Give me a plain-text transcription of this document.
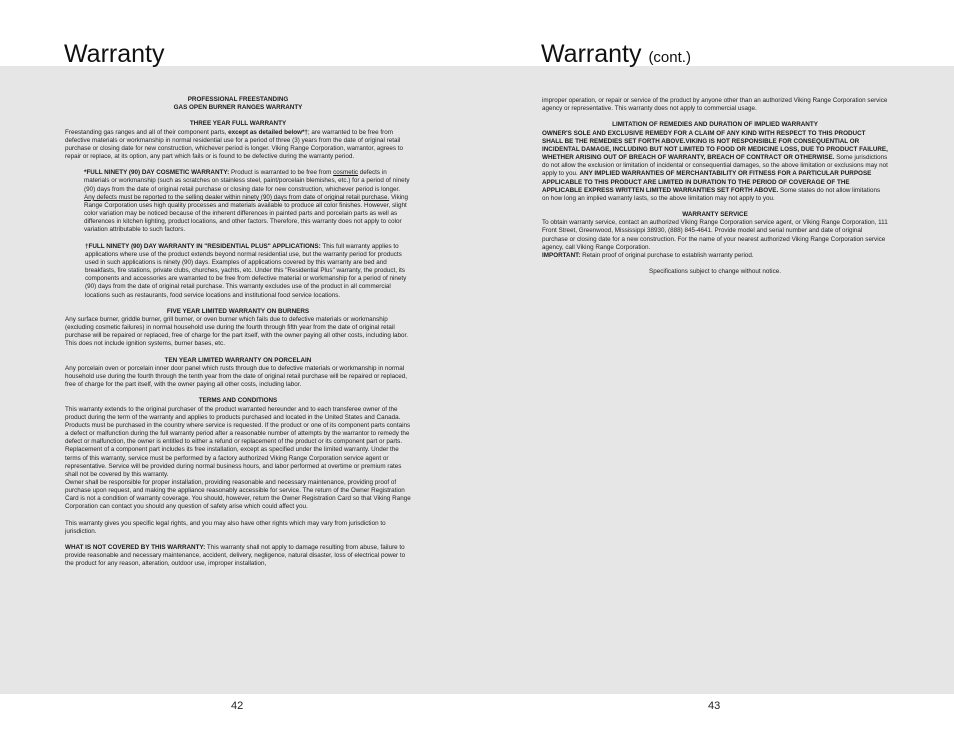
Warranty	Warranty (cont.)

PROFESSIONAL FREESTANDING

GAS OPEN BURNER RANGES WARRANTY

THREE YEAR FULL WARRANTY

Freestanding gas ranges and all of their component parts, except as detailed below*†; are warranted to be free from defective materials or workmanship in normal residential use for a period of three (3) years from the date of original retail purchase or closing date for new construction, whichever period is longer. Viking Range Corporation, warrantor, agrees to repair or replace, at its option, any part which fails or is found to be defective during the warranty period.

*FULL NINETY (90) DAY COSMETIC WARRANTY: Product is warranted to be free from cosmetic defects in materials or workmanship (such as scratches on stainless steel, paint/porcelain blemishes, etc.) for a period of ninety (90) days from the date of original retail purchase or closing date for new construction, whichever period is longer. Any defects must be reported to the selling dealer within ninety (90) days from date of original retail purchase. Viking Range Corporation uses high quality processes and materials available to produce all color finishes. However, slight color variation may be noticed because of the inherent differences in painted parts and porcelain parts as well as differences in kitchen lighting, product locations, and other factors. Therefore, this warranty does not apply to color variation attributable to such factors.

†FULL NINETY (90) DAY WARRANTY IN "RESIDENTIAL PLUS" APPLICATIONS: This full warranty applies to applications where use of the product extends beyond normal residential use, but the warranty period for products used in such applications is ninety (90) days. Examples of applications covered by this warranty are bed and breakfasts, fire stations, private clubs, churches, yachts, etc. Under this "Residential Plus" warranty, the product, its components and accessories are warranted to be free from defective material or workmanship for a period of ninety (90) days from the date of original retail purchase. This warranty excludes use of the product in all commercial locations such as restaurants, food service locations and institutional food service locations.

FIVE YEAR LIMITED WARRANTY ON BURNERS

Any surface burner, griddle burner, grill burner, or oven burner which fails due to defective materials or workmanship (excluding cosmetic failures) in normal household use during the fourth through fifth year from the date of original retail purchase will be repaired or replaced, free of charge for the part itself, with the owner paying all other costs, including labor. This does not include ignition systems, burner bases, etc.

TEN YEAR LIMITED WARRANTY ON PORCELAIN

Any porcelain oven or porcelain inner door panel which rusts through due to defective materials or workmanship in normal household use during the fourth through the tenth year from the date of original retail purchase will be repaired or replaced, free of charge for the part itself, with the owner paying all other costs, including labor.

TERMS AND CONDITIONS

This warranty extends to the original purchaser of the product warranted hereunder and to each transferee owner of the product during the term of the warranty and applies to products purchased and located in the United States and Canada. Products must be purchased in the country where service is requested. If the product or one of its component parts contains a defect or malfunction during the full warranty period after a reasonable number of attempts by the warrantor to remedy the defect or malfunction, the owner is entitled to either a refund or replacement of the product or its component part or parts. Replacement of a component part includes its free installation, except as specified under the limited warranty. Under the terms of this warranty, service must be performed by a factory authorized Viking Range Corporation service agent or representative. Service will be provided during normal business hours, and labor performed at overtime or premium rates shall not be covered by this warranty.

Owner shall be responsible for proper installation, providing reasonable and necessary maintenance, providing proof of purchase upon request, and making the appliance reasonably accessible for service. The return of the Owner Registration Card is not a condition of warranty coverage. You should, however, return the Owner Registration Card so that Viking Range Corporation can contact you should any question of safety arise which could affect you.

This warranty gives you specific legal rights, and you may also have other rights which may vary from jurisdiction to jurisdiction.

WHAT IS NOT COVERED BY THIS WARRANTY: This warranty shall not apply to damage resulting from abuse, failure to provide reasonable and necessary maintenance, accident, delivery, negligence, natural disaster, loss of electrical power to the product for any reason, alteration, outdoor use, improper installation,

improper operation, or repair or service of the product by anyone other than an authorized Viking Range Corporation service agency or representative. This warranty does not apply to commercial usage.

LIMITATION OF REMEDIES AND DURATION OF IMPLIED WARRANTY

OWNER'S SOLE AND EXCLUSIVE REMEDY FOR A CLAIM OF ANY KIND WITH RESPECT TO THIS PRODUCT SHALL BE THE REMEDIES SET FORTH ABOVE.VIKING IS NOT RESPONSIBLE FOR CONSEQUENTIAL OR INCIDENTAL DAMAGE, INCLUDING BUT NOT LIMITED TO FOOD OR MEDICINE LOSS, DUE TO PRODUCT FAILURE, WHETHER ARISING OUT OF BREACH OF WARRANTY, BREACH OF CONTRACT OR OTHERWISE. Some jurisdictions do not allow the exclusion or limitation of incidental or consequential damages, so the above limitation or exclusions may not apply to you. ANY IMPLIED WARRANTIES OF MERCHANTABILITY OR FITNESS FOR A PARTICULAR PURPOSE APPLICABLE TO THIS PRODUCT ARE LIMITED IN DURATION TO THE PERIOD OF COVERAGE OF THE APPLICABLE EXPRESS WRITTEN LIMITED WARRANTIES SET FORTH ABOVE. Some states do not allow limitations on how long an implied warranty lasts, so the above limitation may not apply to you.

WARRANTY SERVICE

To obtain warranty service, contact an authorized Viking Range Corporation service agent, or Viking Range Corporation, 111 Front Street, Greenwood, Mississippi 38930, (888) 845-4641. Provide model and serial number and date of original purchase or closing date for a new construction. For the name of your nearest authorized Viking Range Corporation service agency, call Viking Range Corporation.

IMPORTANT: Retain proof of original purchase to establish warranty period.

Specifications subject to change without notice.

42	43
